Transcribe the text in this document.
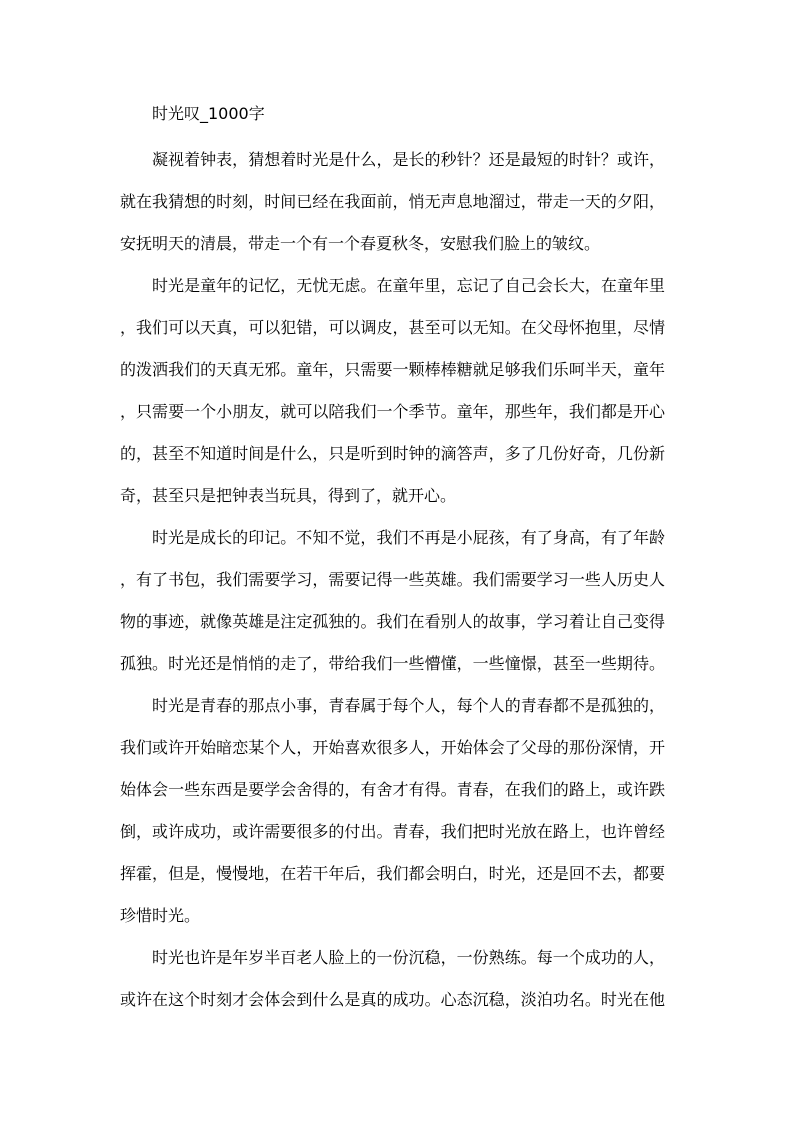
时光叹_1000字
凝视着钟表，猜想着时光是什么，是长的秒针？还是最短的时针？或许，
就在我猜想的时刻，时间已经在我面前，悄无声息地溜过，带走一天的夕阳，
安抚明天的清晨，带走一个有一个春夏秋冬，安慰我们脸上的皱纹。
时光是童年的记忆，无忧无虑。在童年里，忘记了自己会长大，在童年里
，我们可以天真，可以犯错，可以调皮，甚至可以无知。在父母怀抱里，尽情
的泼洒我们的天真无邪。童年，只需要一颗棒棒糖就足够我们乐呵半天，童年
，只需要一个小朋友，就可以陪我们一个季节。童年，那些年，我们都是开心
的，甚至不知道时间是什么，只是听到时钟的滴答声，多了几份好奇，几份新
奇，甚至只是把钟表当玩具，得到了，就开心。
时光是成长的印记。不知不觉，我们不再是小屁孩，有了身高，有了年龄
，有了书包，我们需要学习，需要记得一些英雄。我们需要学习一些人历史人
物的事迹，就像英雄是注定孤独的。我们在看别人的故事，学习着让自己变得
孤独。时光还是悄悄的走了，带给我们一些懵懂，一些憧憬，甚至一些期待。
时光是青春的那点小事，青春属于每个人，每个人的青春都不是孤独的，
我们或许开始暗恋某个人，开始喜欢很多人，开始体会了父母的那份深情，开
始体会一些东西是要学会舍得的，有舍才有得。青春，在我们的路上，或许跌
倒，或许成功，或许需要很多的付出。青春，我们把时光放在路上，也许曾经
挥霍，但是，慢慢地，在若干年后，我们都会明白，时光，还是回不去，都要
珍惜时光。
时光也许是年岁半百老人脸上的一份沉稳，一份熟练。每一个成功的人，
或许在这个时刻才会体会到什么是真的成功。心态沉稳，淡泊功名。时光在他
